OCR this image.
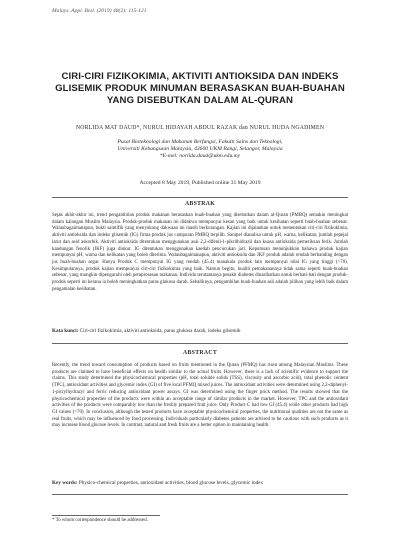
Malays. Appl. Biol. (2019) 48(2): 115-121
CIRI-CIRI FIZIKOKIMIA, AKTIVITI ANTIOKSIDA DAN INDEKS GLISEMIK PRODUK MINUMAN BERASASKAN BUAH-BUAHAN YANG DISEBUTKAN DALAM AL-QURAN
NORLIDA MAT DAUD*, NURUL HIDAYAH ABDUL RAZAK dan NURUL HUDA NGADIMEN
Pusat Bioteknologi dan Makanan Berfungsi, Fakulti Sains dan Teknologi,
Universiti Kebangsaan Malaysia, 43600 UKM Bangi, Selangor, Malaysia
*E-mel: norlida.daud@ukm.edu.my
Accepted 8 May 2019, Published online 31 May 2019
ABSTRAK
Sejak akhir-akhir ini, trend pengambilan produk makanan berasaskan buah-buahan yang disebutkan dalam al-Quran (PMBQ) semakin meningkat dalam kalangan Muslim Malaysia. Produk-produk makanan ini didakwa mempunyai kesan yang baik untuk kesihatan seperti buah-buahan sebenar. Walaubagaimanapun, bukti saintifik yang menyokong dakwaan ini masih berkurangan. Kajian ini dijalankan untuk menentukan ciri-ciri fizikokimia, aktiviti antioksida dan indeks glisemik (IG) firma produk jus campuran PMBQ terpilih. Sampel dianalisa untuk pH, warna, kelikatan, jumlah pepejal larut dan asid askorbik. Aktiviti antioksida ditentukan menggunakan asai 2,2-difenil-1-pikrilhidrazil dan kuasa antioksida pemeriksan ferik. Jumlah kandungan fenolik (JKF) juga diukur. IG ditentukan menggunakan kaedah pencucukan jari. Keputusan menunjukkan bahawa produk kajian mempunyai pH, warna dan kelikatan yang boleh diterima. Walaubagaimanapun, aktiviti antioksida dan JKF produk adalah rendah berbanding dengan jus buah-buahan segar. Hanya Produk C mempunyai IG yang rendah (45.4) manakala produk lain mempunyai nilai IG yang tinggi (>70). Kesimpulannya, produk kajian mempunyai ciri-ciri fizikokimia yang baik. Namun begitu, kualiti pemakanannya tidak sama seperti buah-buahan sebenar, yang mungkin dipengaruhi oleh pemprosesan makanan. Individu terutamanya pesakit diabetes dinasihatkan untuk berhati-hati dengan produk-produk seperti ini kerana ia boleh meningkatkan paras glukosa darah. Sebaliknya, pengambilan buah-buahan asli adalah pilihan yang lebih baik dalam pengamalan kesihatan.
Kata kunci: Ciri-ciri fizikokimia, aktiviti antioksida, paras glukosa darah, indeks glisemik
ABSTRACT
Recently, the trend toward consumption of products based on fruits mentioned in the Quran (PFMQ) has risen among Malaysian Muslims. These products are claimed to have beneficial effects on health similar to the actual fruits. However, there is a lack of scientific evidence to support the claims. This study determined the physicochemical properties (pH, total soluble solids (TSS), viscosity and ascorbic acid), total phenolic content (TPC), antioxidant activities and glycemic index (GI) of five local PFMQ mixed juices. The antioxidant activities were determined using 2,2-diphenyl-1-picrylhydrazyl and ferric reducing antioxidant power assays. GI was determined using the finger prick method. The results showed that the physicochemical properties of the products were within an acceptable range of similar products in the market. However, TPC and the antioxidant activities of the products were comparably low than the freshly prepared fruit juice. Only Product C had low GI (45.4) while other products had high GI values (>70). In conclusion, although the tested products have acceptable physicochemical properties, the nutritional qualities are not the same as real fruits, which may be influenced by food processing. Individuals particularly diabetes patients are advised to be cautious with such products as it may increase blood glucose levels. In contrast, natural and fresh fruits are a better option in maintaining health.
Key words: Physico-chemical properties, antioxidant activities, blood glucose levels, glycemic index
* To whom correspondence should be addressed.
